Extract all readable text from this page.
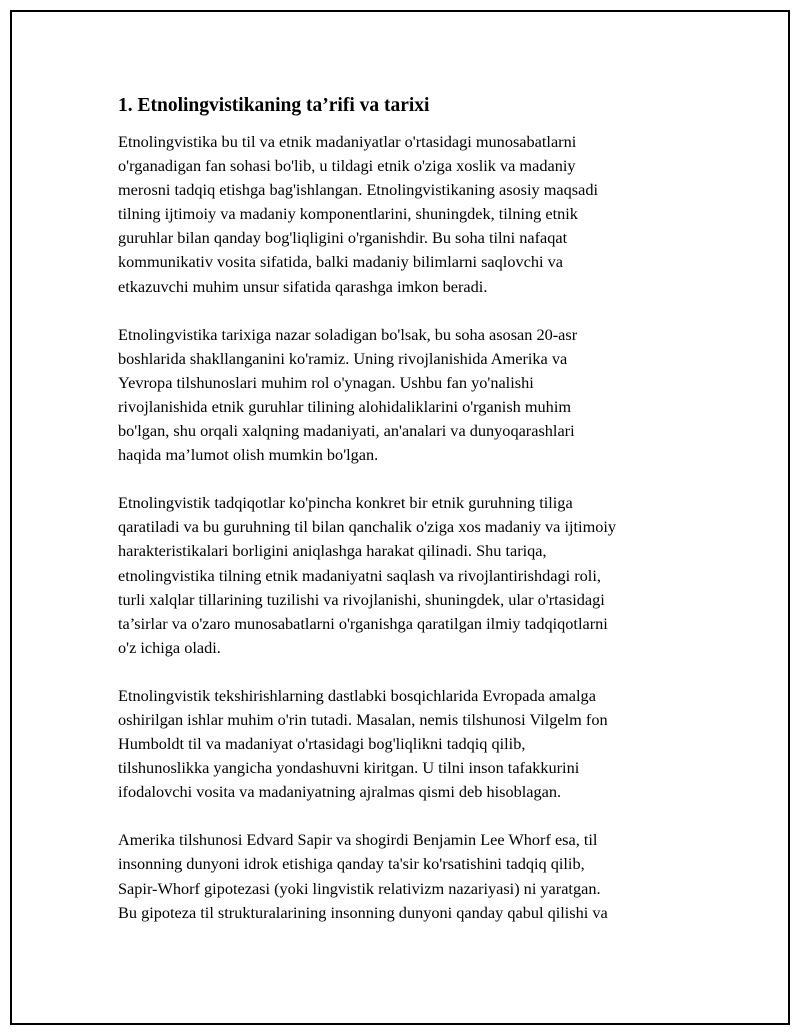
1. Etnolingvistikaning ta’rifi va tarixi
Etnolingvistika bu til va etnik madaniyatlar o'rtasidagi munosabatlarni
o'rganadigan fan sohasi bo'lib, u tildagi etnik o'ziga xoslik va madaniy
merosni tadqiq etishga bag'ishlangan. Etnolingvistikaning asosiy maqsadi
tilning ijtimoiy va madaniy komponentlarini, shuningdek, tilning etnik
guruhlar bilan qanday bog'liqligini o'rganishdir. Bu soha tilni nafaqat
kommunikativ vosita sifatida, balki madaniy bilimlarni saqlovchi va
etkazuvchi muhim unsur sifatida qarashga imkon beradi.
Etnolingvistika tarixiga nazar soladigan bo'lsak, bu soha asosan 20-asr
boshlarida shakllanganini ko'ramiz. Uning rivojlanishida Amerika va
Yevropa tilshunoslari muhim rol o'ynagan. Ushbu fan yo'nalishi
rivojlanishida etnik guruhlar tilining alohidaliklarini o'rganish muhim
bo'lgan, shu orqali xalqning madaniyati, an'analari va dunyoqarashlari
haqida ma’lumot olish mumkin bo'lgan.
Etnolingvistik tadqiqotlar ko'pincha konkret bir etnik guruhning tiliga
qaratiladi va bu guruhning til bilan qanchalik o'ziga xos madaniy va ijtimoiy
harakteristikalari borligini aniqlashga harakat qilinadi. Shu tariqa,
etnolingvistika tilning etnik madaniyatni saqlash va rivojlantirishdagi roli,
turli xalqlar tillarining tuzilishi va rivojlanishi, shuningdek, ular o'rtasidagi
ta’sirlar va o'zaro munosabatlarni o'rganishga qaratilgan ilmiy tadqiqotlarni
o'z ichiga oladi.
Etnolingvistik tekshirishlarning dastlabki bosqichlarida Evropada amalga
oshirilgan ishlar muhim o'rin tutadi. Masalan, nemis tilshunosi Vilgelm fon
Humboldt til va madaniyat o'rtasidagi bog'liqlikni tadqiq qilib,
tilshunoslikka yangicha yondashuvni kiritgan. U tilni inson tafakkurini
ifodalovchi vosita va madaniyatning ajralmas qismi deb hisoblagan.
Amerika tilshunosi Edvard Sapir va shogirdi Benjamin Lee Whorf esa, til
insonning dunyoni idrok etishiga qanday ta'sir ko'rsatishini tadqiq qilib,
Sapir-Whorf gipotezasi (yoki lingvistik relativizm nazariyasi) ni yaratgan.
Bu gipoteza til strukturalarining insonning dunyoni qanday qabul qilishi va
